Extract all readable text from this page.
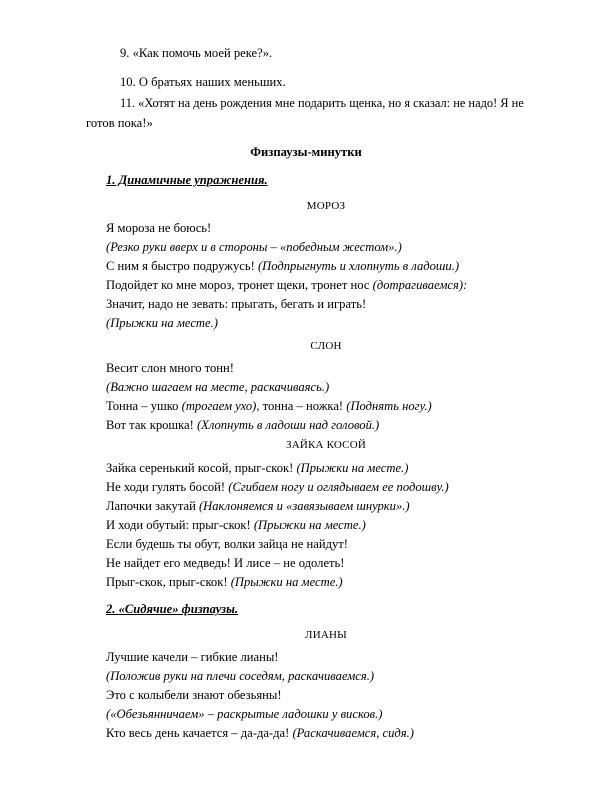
9. «Как помочь моей реке?».
10. О братьях наших меньших.
11. «Хотят на день рождения мне подарить щенка, но я сказал: не надо! Я не
готов пока!»
Физпаузы-минутки
1. Динамичные упражнения.
МОРОЗ
Я мороза не боюсь!
(Резко руки вверх и в стороны – «победным жестом».)
С ним я быстро подружусь! (Подпрыгнуть и хлопнуть в ладоши.)
Подойдет ко мне мороз, тронет щеки, тронет нос (дотрагиваемся):
Значит, надо не зевать: прыгать, бегать и играть!
(Прыжки на месте.)
СЛОН
Весит слон много тонн!
(Важно шагаем на месте, раскачиваясь.)
Тонна – ушко (трогаем ухо), тонна – ножка! (Поднять ногу.)
Вот так крошка! (Хлопнуть в ладоши над головой.)
ЗАЙКА КОСОЙ
Зайка серенький косой, прыг-скок! (Прыжки на месте.)
Не ходи гулять босой! (Сгибаем ногу и оглядываем ее подошву.)
Лапочки закутай (Наклоняемся и «завязываем шнурки».)
И ходи обутый: прыг-скок! (Прыжки на месте.)
Если будешь ты обут, волки зайца не найдут!
Не найдет его медведь! И лисе – не одолеть!
Прыг-скок, прыг-скок! (Прыжки на месте.)
2. «Сидячие» физпаузы.
ЛИАНЫ
Лучшие качели – гибкие лианы!
(Положив руки на плечи соседям, раскачиваемся.)
Это с колыбели знают обезьяны!
(«Обезьянничаем» – раскрытые ладошки у висков.)
Кто весь день качается – да-да-да! (Раскачиваемся, сидя.)
